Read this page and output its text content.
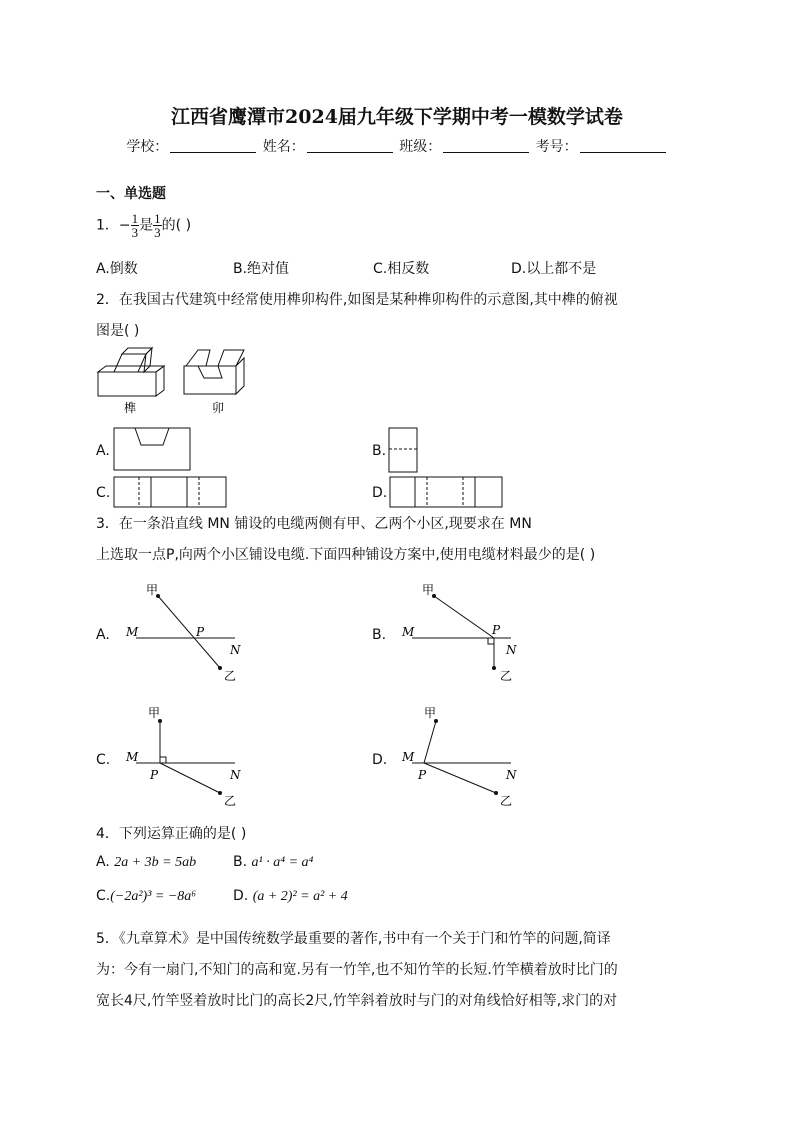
江西省鹰潭市2024届九年级下学期中考一模数学试卷
学校：	姓名：	班级：	考号：
一、单选题
1．− $\frac{1}{3}$ 是 $\frac{1}{3}$ 的( )
A.倒数	B.绝对值	C.相反数	D.以上都不是
2．在我国古代建筑中经常使用榫卯构件,如图是某种榫卯构件的示意图,其中榫的俯视
图是( )
榫	卯
A.	B.
C.	D.
3．在一条沿直线 MN 铺设的电缆两侧有甲、乙两个小区,现要求在 MN
上选取一点P,向两个小区铺设电缆.下面四种铺设方案中,使用电缆材料最少的是( )
A.
甲
M	P
N
乙
B.
甲
M	P
N
乙
C.
甲
M
P	N
乙
D.
甲
M
P	N
乙
4．下列运算正确的是( )
A. 2a + 3b = 5ab	B. a¹ · a⁴ = a⁴
C.(−2a²)³ = −8a⁶	D. (a + 2)² = a² + 4
5．《九章算术》是中国传统数学最重要的著作,书中有一个关于门和竹竿的问题,简译
为：今有一扇门,不知门的高和宽.另有一竹竿,也不知竹竿的长短.竹竿横着放时比门的
宽长4尺,竹竿竖着放时比门的高长2尺,竹竿斜着放时与门的对角线恰好相等,求门的对
